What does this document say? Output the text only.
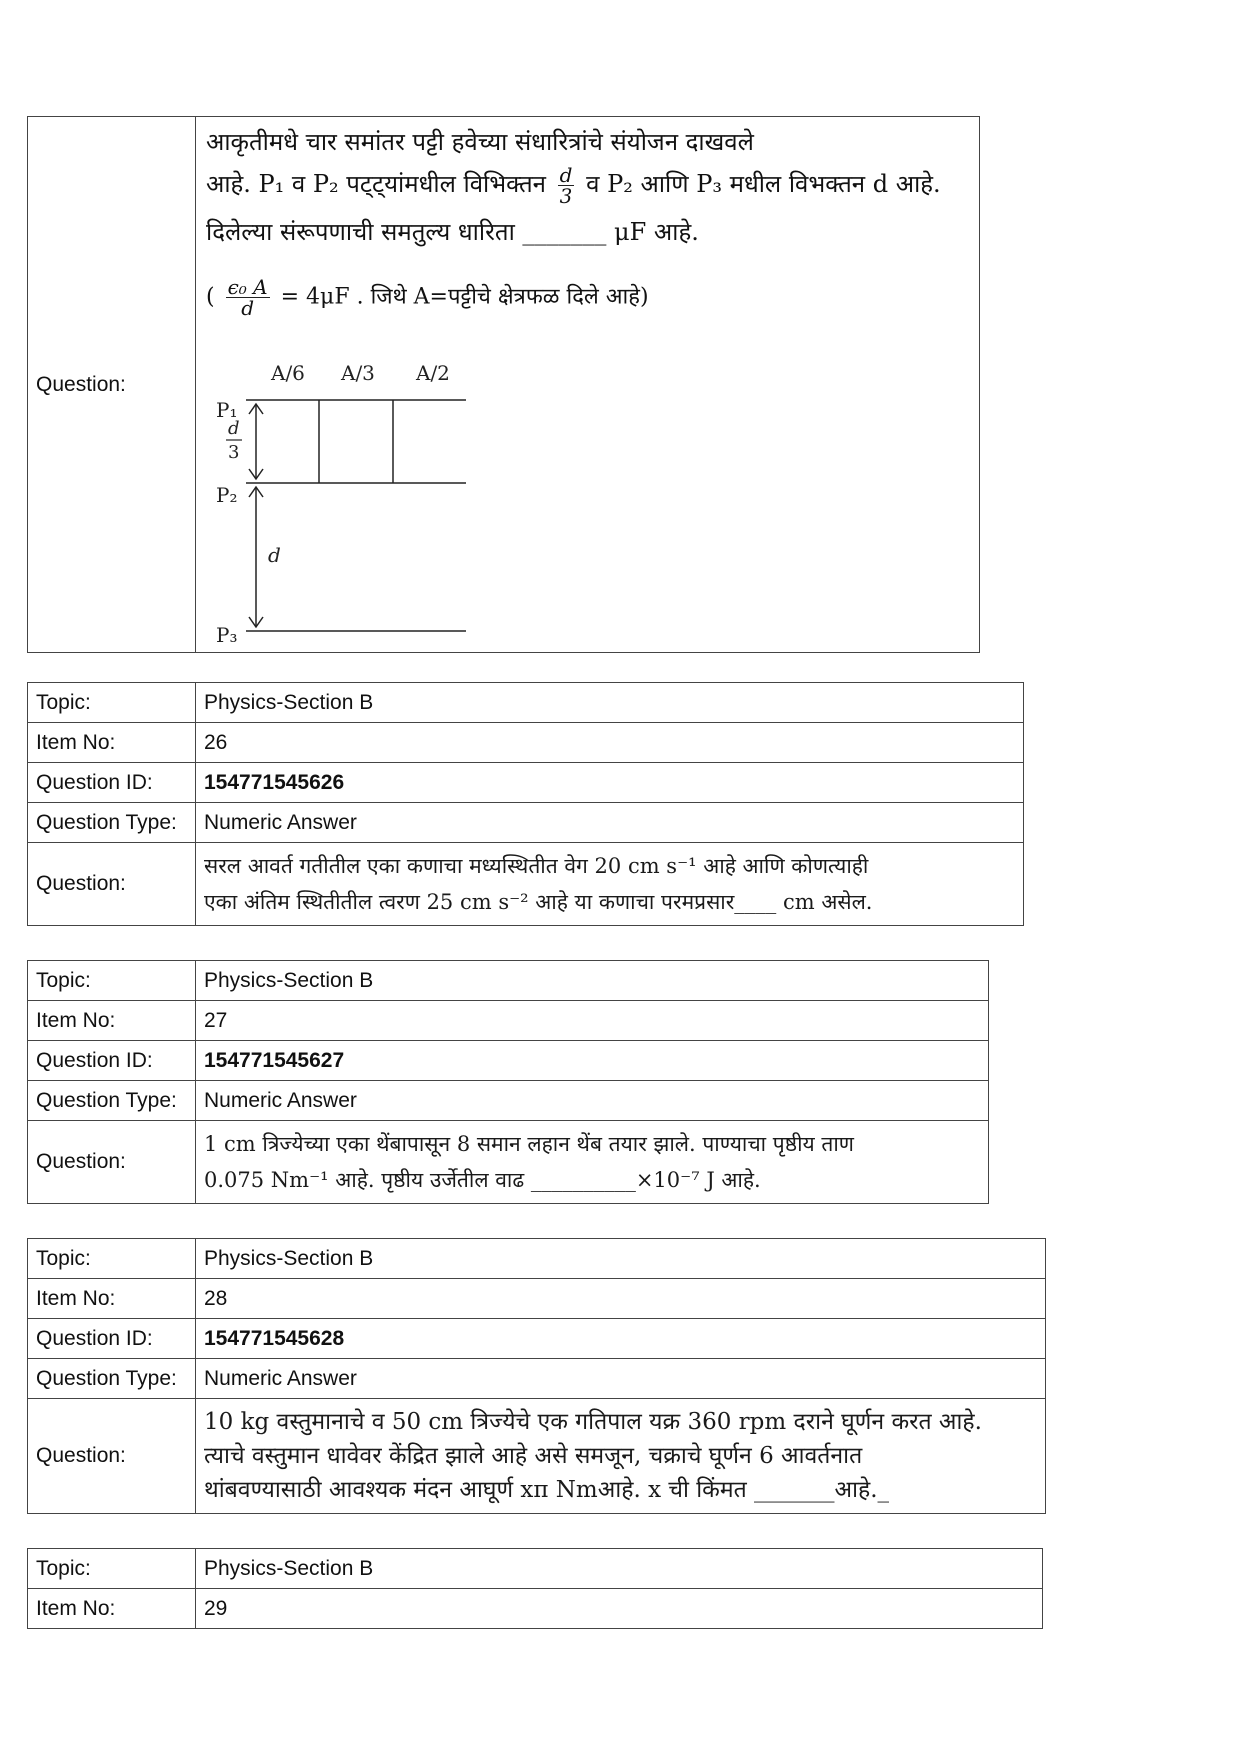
Question:	
आकृतीमधे चार समांतर पट्टी हवेच्या संधारित्रांचे संयोजन दाखवले
आहे. P₁ व P₂ पट्ट्यांमधील विभिक्तन $\frac{d}{3}$ व P₂ आणि P₃ मधील विभक्तन d आहे.
दिलेल्या संरूपणाची समतुल्य धारिता _______ μF आहे.
( $\frac{\text{ϵ₀ A}}{d} = 4\mu F$ . जिथे A=पट्टीचे क्षेत्रफळ दिले आहे)
A/6 A/3 A/2
P₁
P₂
P₃
d
3
d
Topic:	Physics-Section B
Item No:	26
Question ID:	154771545626
Question Type:	Numeric Answer
Question:	सरल आवर्त गतीतील एका कणाचा मध्यस्थितीत वेग 20 cm s⁻¹ आहे आणि कोणत्याही
एका अंतिम स्थितीतील त्वरण 25 cm s⁻² आहे या कणाचा परमप्रसार____ cm असेल.
Topic:	Physics-Section B
Item No:	27
Question ID:	154771545627
Question Type:	Numeric Answer
Question:	1 cm त्रिज्येच्या एका थेंबापासून 8 समान लहान थेंब तयार झाले. पाण्याचा पृष्ठीय ताण
0.075 Nm⁻¹ आहे. पृष्ठीय उर्जेतील वाढ __________×10⁻⁷ J आहे.
Topic:	Physics-Section B
Item No:	28
Question ID:	154771545628
Question Type:	Numeric Answer
Question:	10 kg वस्तुमानाचे व 50 cm त्रिज्येचे एक गतिपाल यक्र 360 rpm दराने घूर्णन करत आहे.
त्याचे वस्तुमान धावेवर केंद्रित झाले आहे असे समजून, चक्राचे घूर्णन 6 आवर्तनात
थांबवण्यासाठी आवश्यक मंदन आघूर्ण xπ Nmआहे. x ची किंमत _______आहे._
Topic:	Physics-Section B
Item No:	29
